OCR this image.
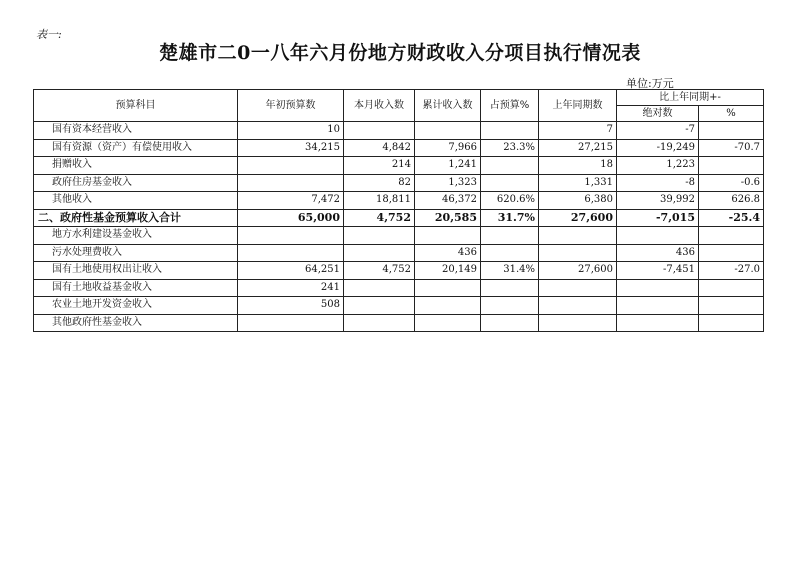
表一:
楚雄市二0一八年六月份地方财政收入分项目执行情况表
单位:万元
预算科目	年初预算数	本月收入数	累计收入数	占预算%	上年同期数	比上年同期+-	
						绝对数	%
国有资本经营收入	10				7	-7	
国有资源（资产）有偿使用收入	34,215	4,842	7,966	23.3%	27,215	-19,249	-70.7
捐赠收入		214	1,241		18	1,223	
政府住房基金收入		82	1,323		1,331	-8	-0.6
其他收入	7,472	18,811	46,372	620.6%	6,380	39,992	626.8
二、政府性基金预算收入合计	65,000	4,752	20,585	31.7%	27,600	-7,015	-25.4
地方水利建设基金收入							
污水处理费收入			436			436	
国有土地使用权出让收入	64,251	4,752	20,149	31.4%	27,600	-7,451	-27.0
国有土地收益基金收入	241						
农业土地开发资金收入	508						
其他政府性基金收入							
